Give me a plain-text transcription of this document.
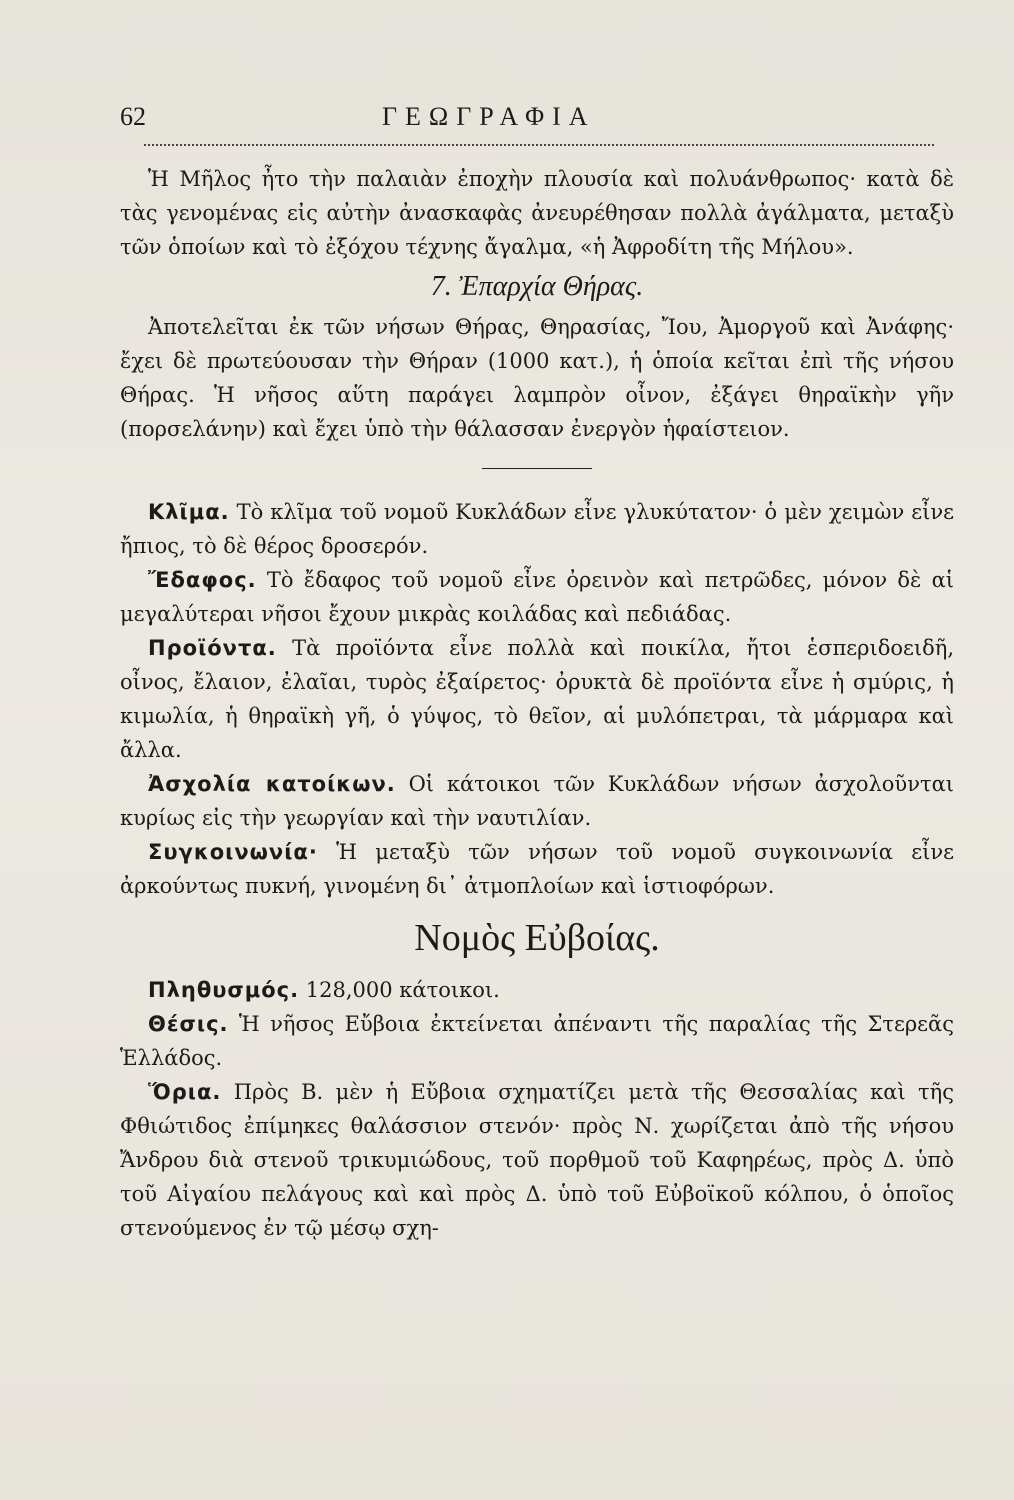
62	ΓΕΩΓΡΑΦΙΑ

Ἡ Μῆλος ἦτο τὴν παλαιὰν ἐποχὴν πλουσία καὶ πολυάνθρωπος· κατὰ δὲ τὰς γενομένας εἰς αὐτὴν ἀνασκαφὰς ἀνευρέθησαν πολλὰ ἀγάλματα, μεταξὺ τῶν ὁποίων καὶ τὸ ἐξόχου τέχνης ἄγαλμα, «ἡ Ἀφροδίτη τῆς Μήλου».

7. Ἐπαρχία Θήρας.

Ἀποτελεῖται ἐκ τῶν νήσων Θήρας, Θηρασίας, Ἴου, Ἀμοργοῦ καὶ Ἀνάφης· ἔχει δὲ πρωτεύουσαν τὴν Θήραν (1000 κατ.), ἡ ὁποία κεῖται ἐπὶ τῆς νήσου Θήρας. Ἡ νῆσος αὕτη παράγει λαμπρὸν οἶνον, ἐξάγει θηραϊκὴν γῆν (πορσελάνην) καὶ ἔχει ὑπὸ τὴν θάλασσαν ἐνεργὸν ἡφαίστειον.

Κλῖμα. Τὸ κλῖμα τοῦ νομοῦ Κυκλάδων εἶνε γλυκύτατον· ὁ μὲν χειμὼν εἶνε ἤπιος, τὸ δὲ θέρος δροσερόν.

Ἔδαφος. Τὸ ἔδαφος τοῦ νομοῦ εἶνε ὀρεινὸν καὶ πετρῶδες, μόνον δὲ αἱ μεγαλύτεραι νῆσοι ἔχουν μικρὰς κοιλάδας καὶ πεδιάδας.

Προϊόντα. Τὰ προϊόντα εἶνε πολλὰ καὶ ποικίλα, ἤτοι ἑσπεριδοειδῆ, οἶνος, ἔλαιον, ἐλαῖαι, τυρὸς ἐξαίρετος· ὀρυκτὰ δὲ προϊόντα εἶνε ἡ σμύρις, ἡ κιμωλία, ἡ θηραϊκὴ γῆ, ὁ γύψος, τὸ θεῖον, αἱ μυλόπετραι, τὰ μάρμαρα καὶ ἄλλα.

Ἀσχολία κατοίκων. Οἱ κάτοικοι τῶν Κυκλάδων νήσων ἀσχολοῦνται κυρίως εἰς τὴν γεωργίαν καὶ τὴν ναυτιλίαν.

Συγκοινωνία· Ἡ μεταξὺ τῶν νήσων τοῦ νομοῦ συγκοινωνία εἶνε ἀρκούντως πυκνή, γινομένη δι᾿ ἀτμοπλοίων καὶ ἱστιοφόρων.

Νομὸς Εὐβοίας.

Πληθυσμός. 128,000 κάτοικοι.

Θέσις. Ἡ νῆσος Εὔβοια ἐκτείνεται ἀπέναντι τῆς παραλίας τῆς Στερεᾶς Ἑλλάδος.

Ὅρια. Πρὸς Β. μὲν ἡ Εὔβοια σχηματίζει μετὰ τῆς Θεσσαλίας καὶ τῆς Φθιώτιδος ἐπίμηκες θαλάσσιον στενόν· πρὸς Ν. χωρίζεται ἀπὸ τῆς νήσου Ἄνδρου διὰ στενοῦ τρικυμιώδους, τοῦ πορθμοῦ τοῦ Καφηρέως, πρὸς Δ. ὑπὸ τοῦ Αἰγαίου πελάγους καὶ καὶ πρὸς Δ. ὑπὸ τοῦ Εὐβοϊκοῦ κόλπου, ὁ ὁποῖος στενούμενος ἐν τῷ μέσῳ σχη-
